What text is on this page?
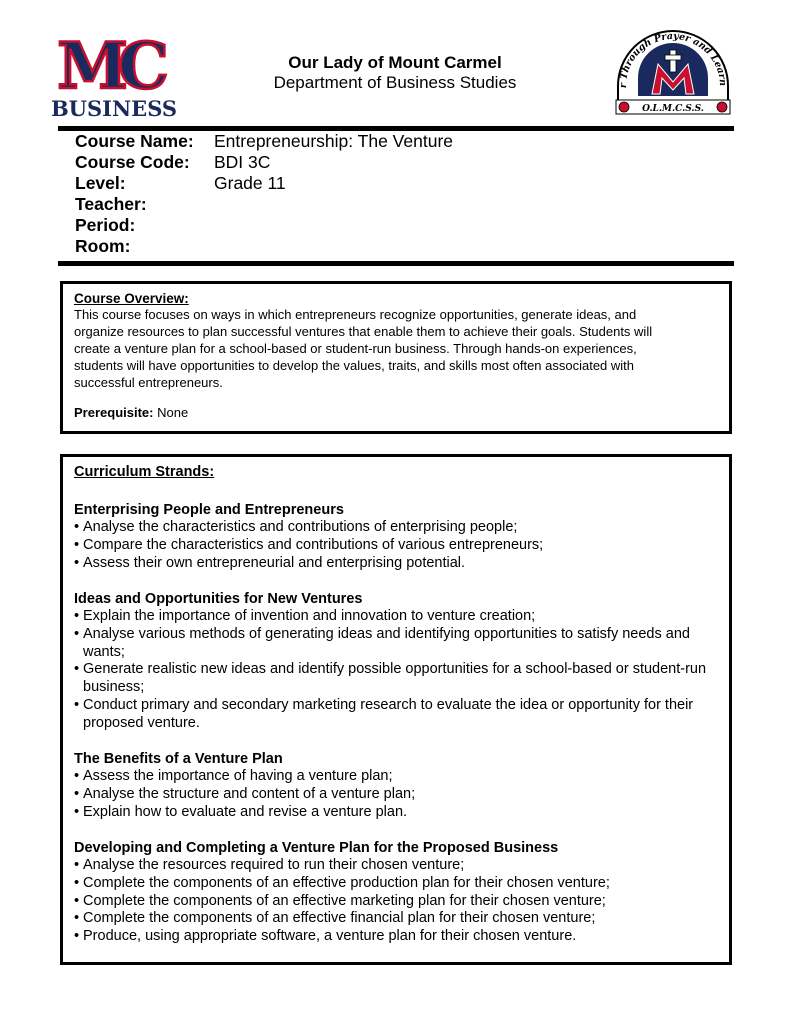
MC
BUSINESS
r Through Prayer and Learn
O.L.M.C.S.S.
Our Lady of Mount Carmel
Department of Business Studies
Course Name: Entrepreneurship: The Venture
Course Code: BDI 3C
Level:	Grade 11
Teacher:
Period:
Room:
Course Overview:
This course focuses on ways in which entrepreneurs recognize opportunities, generate ideas, and organize resources to plan successful ventures that enable them to achieve their goals. Students will create a venture plan for a school-based or student-run business. Through hands-on experiences, students will have opportunities to develop the values, traits, and skills most often associated with successful entrepreneurs.
Prerequisite: None
Curriculum Strands:
Enterprising People and Entrepreneurs
• Analyse the characteristics and contributions of enterprising people;
• Compare the characteristics and contributions of various entrepreneurs;
• Assess their own entrepreneurial and enterprising potential.
Ideas and Opportunities for New Ventures
• Explain the importance of invention and innovation to venture creation;
• Analyse various methods of generating ideas and identifying opportunities to satisfy needs and wants;
• Generate realistic new ideas and identify possible opportunities for a school-based or student-run business;
• Conduct primary and secondary marketing research to evaluate the idea or opportunity for their proposed venture.
The Benefits of a Venture Plan
• Assess the importance of having a venture plan;
• Analyse the structure and content of a venture plan;
• Explain how to evaluate and revise a venture plan.
Developing and Completing a Venture Plan for the Proposed Business
• Analyse the resources required to run their chosen venture;
• Complete the components of an effective production plan for their chosen venture;
• Complete the components of an effective marketing plan for their chosen venture;
• Complete the components of an effective financial plan for their chosen venture;
• Produce, using appropriate software, a venture plan for their chosen venture.
